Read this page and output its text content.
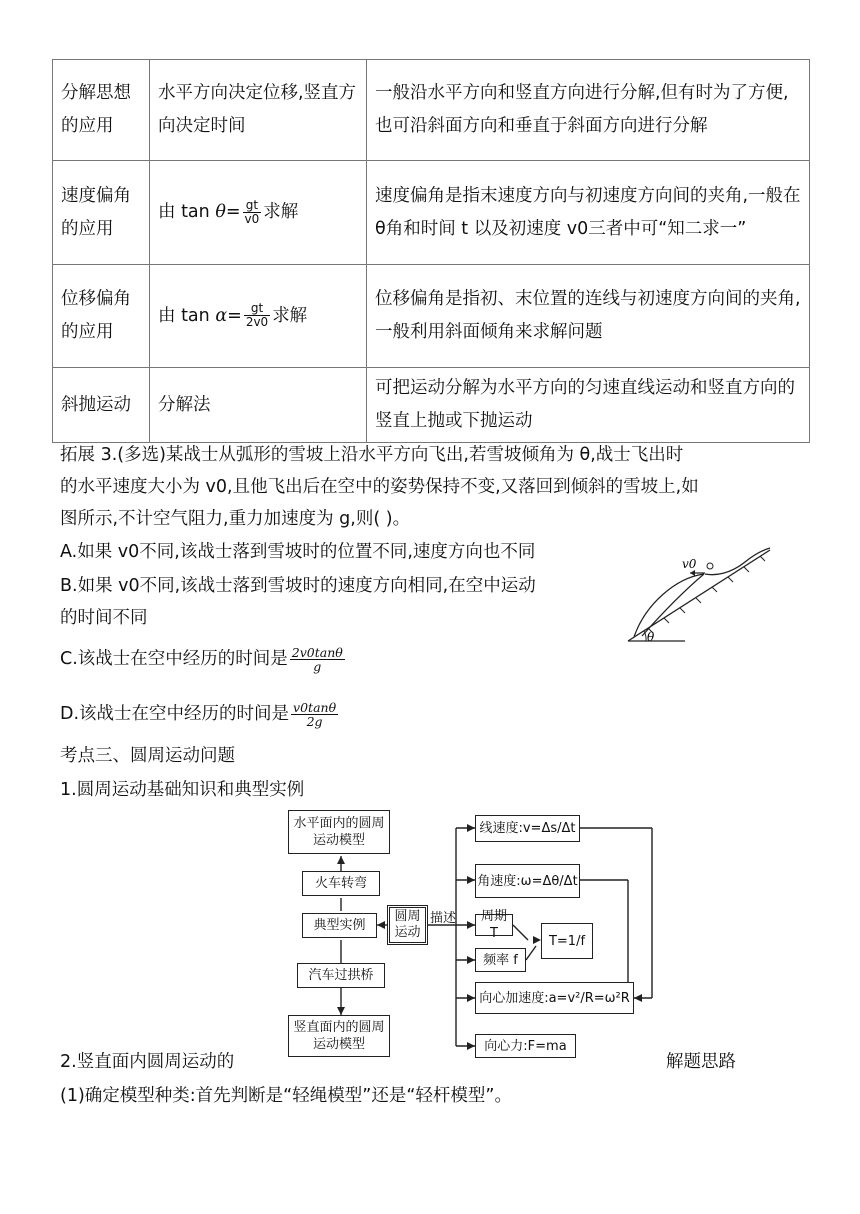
分解思想的应用	水平方向决定位移,竖直方向决定时间	一般沿水平方向和竖直方向进行分解,但有时为了方便,也可沿斜面方向和垂直于斜面方向进行分解
速度偏角的应用	由 $\tan \theta= \frac{gt}{v0}$ 求解	速度偏角是指末速度方向与初速度方向间的夹角,一般在 θ角和时间 t 以及初速度 v0三者中可“知二求一”
位移偏角的应用	由 $\tan \alpha= \frac{gt}{2v0}$ 求解	位移偏角是指初、末位置的连线与初速度方向间的夹角,一般利用斜面倾角来求解问题
斜抛运动	分解法	可把运动分解为水平方向的匀速直线运动和竖直方向的竖直上抛或下抛运动
拓展 3.(多选)某战士从弧形的雪坡上沿水平方向飞出,若雪坡倾角为 θ,战士飞出时
的水平速度大小为 v0,且他飞出后在空中的姿势保持不变,又落回到倾斜的雪坡上,如
图所示,不计空气阻力,重力加速度为 g,则( )。
A.如果 v0不同,该战士落到雪坡时的位置不同,速度方向也不同
B.如果 v0不同,该战士落到雪坡时的速度方向相同,在空中运动
的时间不同
C.该战士在空中经历的时间是 $\frac{2v0\tan\theta}{g}$
D.该战士在空中经历的时间是 $\frac{v0\tan\theta}{2g}$
v0
θ
考点三、圆周运动问题
1.圆周运动基础知识和典型实例
水平面内的圆周运动模型
火车转弯
典型实例
汽车过拱桥
竖直面内的圆周运动模型
圆周运动
描述
线速度:v=Δs/Δt
角速度:ω=Δθ/Δt
周期 T
频率 f
T=1/f
向心加速度:a=v²/R=ω²R
向心力:F=ma
2.竖直面内圆周运动的	解题思路
(1)确定模型种类:首先判断是“轻绳模型”还是“轻杆模型”。
